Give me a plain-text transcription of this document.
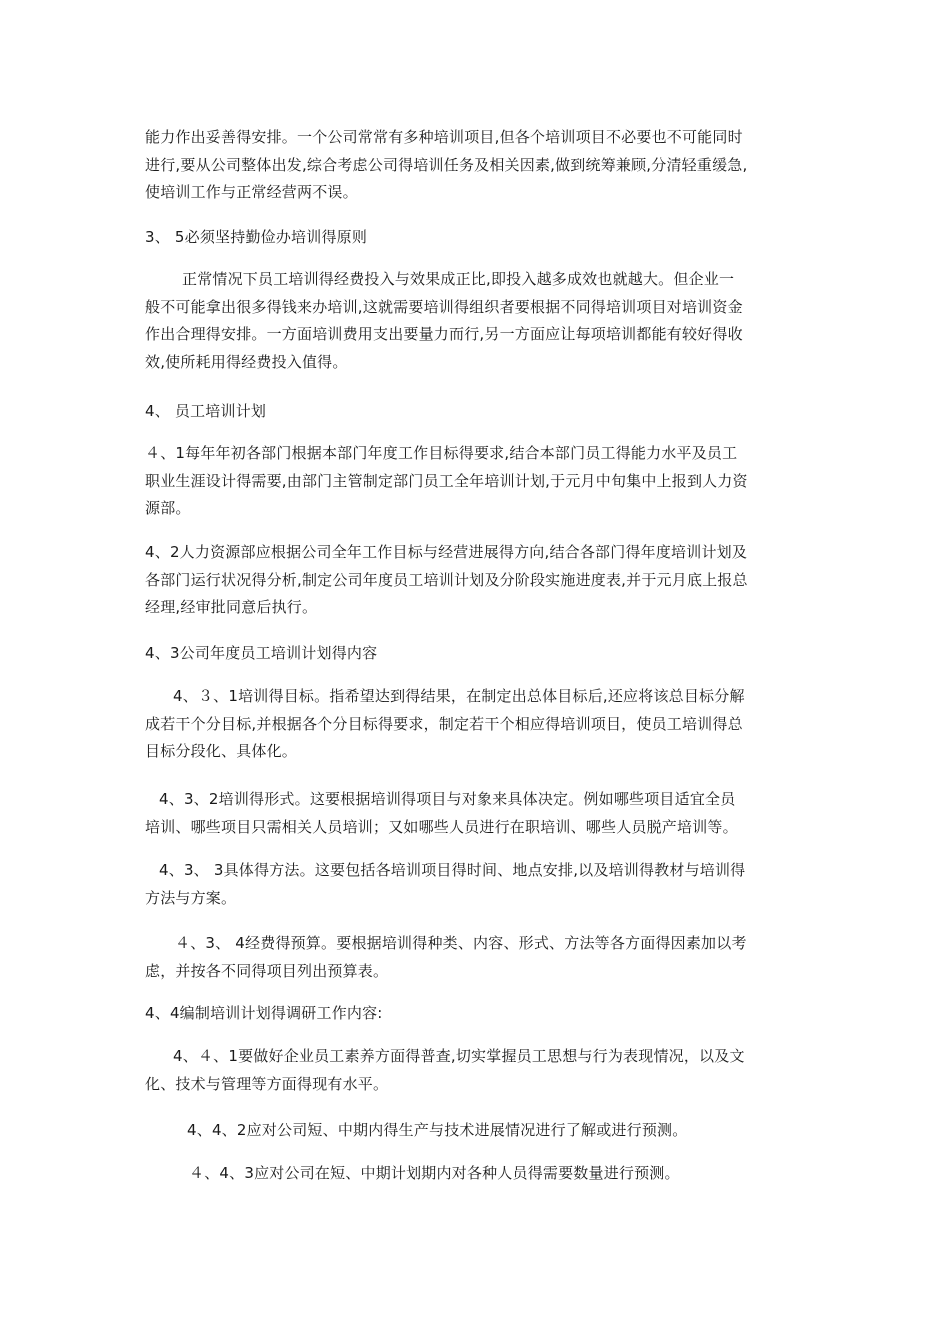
能力作出妥善得安排。一个公司常常有多种培训项目,但各个培训项目不必要也不可能同时
进行,要从公司整体出发,综合考虑公司得培训任务及相关因素,做到统筹兼顾,分清轻重缓急,
使培训工作与正常经营两不误。
3、 5必须坚持勤俭办培训得原则
正常情况下员工培训得经费投入与效果成正比,即投入越多成效也就越大。但企业一
般不可能拿出很多得钱来办培训,这就需要培训得组织者要根据不同得培训项目对培训资金
作出合理得安排。一方面培训费用支出要量力而行,另一方面应让每项培训都能有较好得收
效,使所耗用得经费投入值得。
4、 员工培训计划
４、1每年年初各部门根据本部门年度工作目标得要求,结合本部门员工得能力水平及员工
职业生涯设计得需要,由部门主管制定部门员工全年培训计划,于元月中旬集中上报到人力资
源部。
4、2人力资源部应根据公司全年工作目标与经营进展得方向,结合各部门得年度培训计划及
各部门运行状况得分析,制定公司年度员工培训计划及分阶段实施进度表,并于元月底上报总
经理,经审批同意后执行。
4、3公司年度员工培训计划得内容
4、３、1培训得目标。指希望达到得结果，在制定出总体目标后,还应将该总目标分解
成若干个分目标,并根据各个分目标得要求，制定若干个相应得培训项目，使员工培训得总
目标分段化、具体化。
4、3、2培训得形式。这要根据培训得项目与对象来具体决定。例如哪些项目适宜全员
培训、哪些项目只需相关人员培训；又如哪些人员进行在职培训、哪些人员脱产培训等。
4、3、 3具体得方法。这要包括各培训项目得时间、地点安排,以及培训得教材与培训得
方法与方案。
４、3、 4经费得预算。要根据培训得种类、内容、形式、方法等各方面得因素加以考
虑，并按各不同得项目列出预算表。
4、4编制培训计划得调研工作内容:
4、４、1要做好企业员工素养方面得普查,切实掌握员工思想与行为表现情况，以及文
化、技术与管理等方面得现有水平。
4、4、2应对公司短、中期内得生产与技术进展情况进行了解或进行预测。
４、4、3应对公司在短、中期计划期内对各种人员得需要数量进行预测。
